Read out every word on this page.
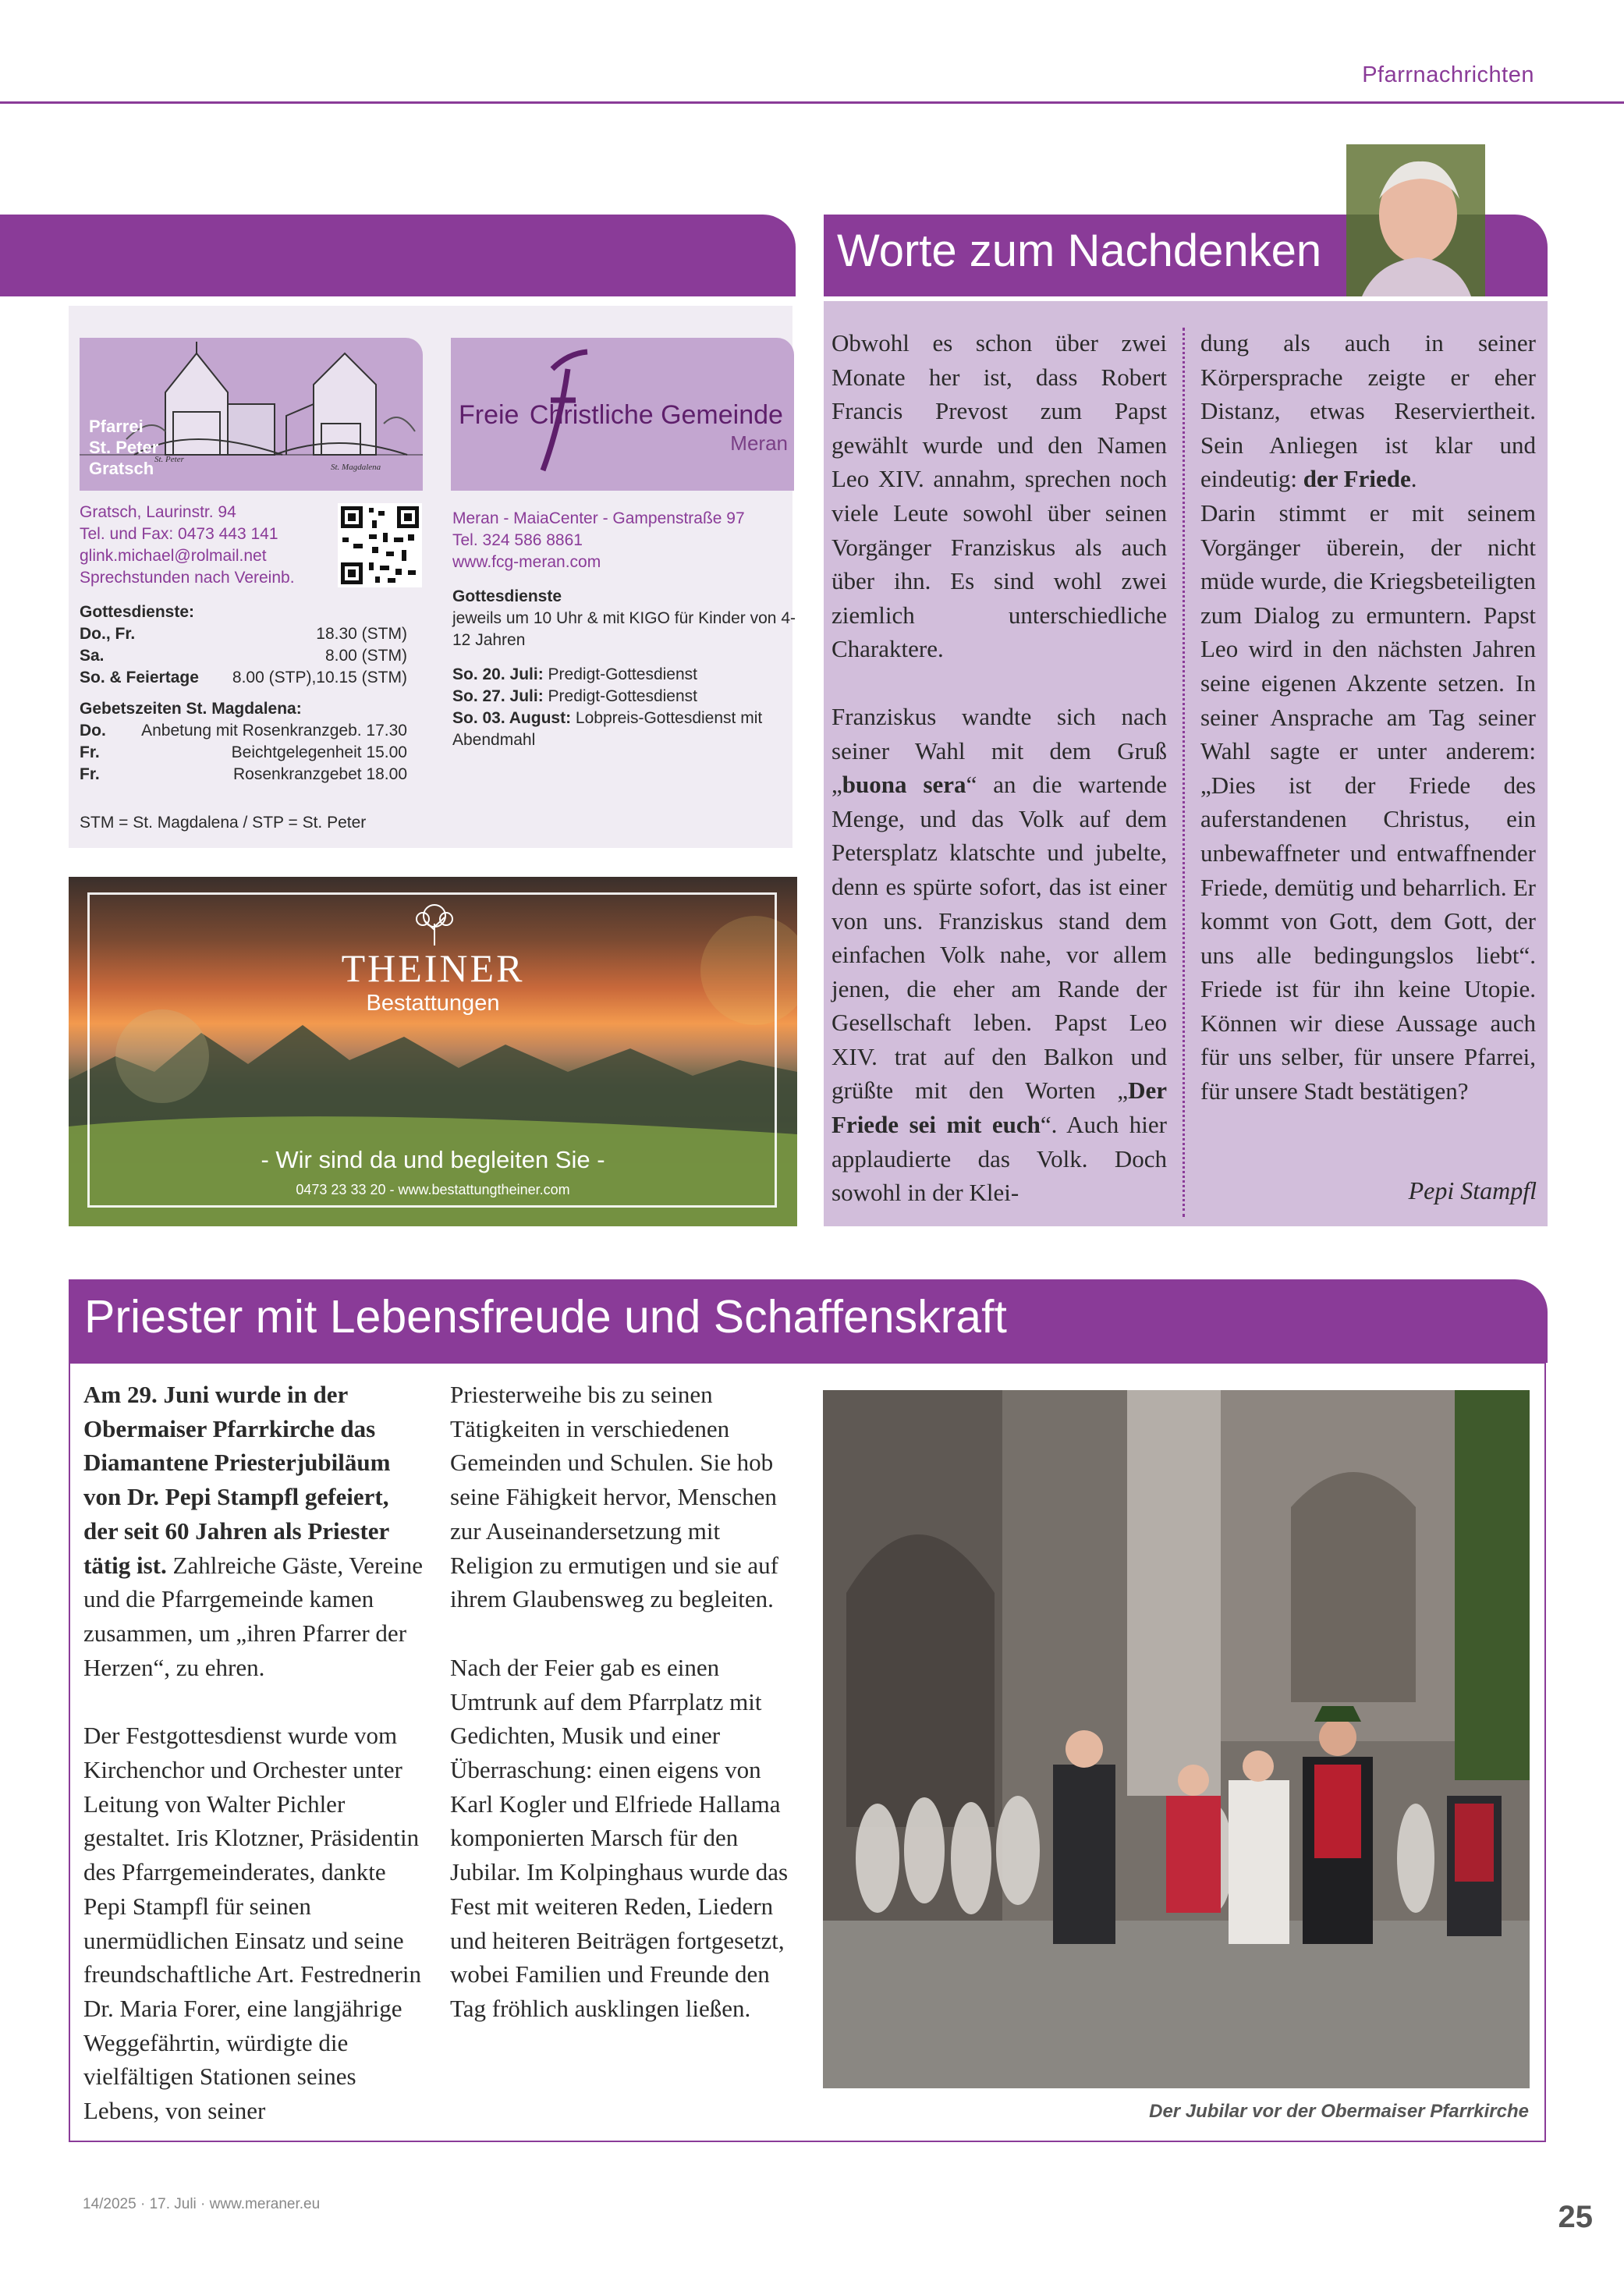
Pfarrnachrichten
St. Peter
St. Magdalena
Pfarrei
St. Peter
Gratsch
Freie Christliche Gemeinde
Meran
Gratsch, Laurinstr. 94
Tel. und Fax: 0473 443 141
glink.michael@rolmail.net
Sprechstunden nach Vereinb.
Gottesdienste:
Do., Fr.	18.30 (STM)
Sa.	8.00 (STM)
So. & Feiertage 8.00 (STP),10.15 (STM)
Gebetszeiten St. Magdalena:
Do. Anbetung mit Rosenkranzgeb. 17.30
Fr.	Beichtgelegenheit 15.00
Fr.	Rosenkranzgebet 18.00
STM = St. Magdalena / STP = St. Peter
Meran - MaiaCenter - Gampenstraße 97
Tel. 324 586 8861
www.fcg-meran.com
Gottesdienste
jeweils um 10 Uhr & mit KIGO für Kinder von 4-12 Jahren
So. 20. Juli: Predigt-Gottesdienst
So. 27. Juli: Predigt-Gottesdienst
So. 03. August: Lobpreis-Gottesdienst mit Abendmahl
THEINER
Bestattungen
- Wir sind da und begleiten Sie -
0473 23 33 20 - www.bestattungtheiner.com
Worte zum Nachdenken

Obwohl es schon über zwei Monate her ist, dass Robert Francis Prevost zum Papst gewählt wurde und den Namen Leo XIV. annahm, sprechen noch viele Leute sowohl über seinen Vorgänger Franziskus als auch über ihn. Es sind wohl zwei ziemlich unterschiedliche Charaktere.

Franziskus wandte sich nach seiner Wahl mit dem Gruß „buona sera“ an die wartende Menge, und das Volk auf dem Petersplatz klatschte und jubelte, denn es spürte sofort, das ist einer von uns. Franziskus stand dem einfachen Volk nahe, vor allem jenen, die eher am Rande der Gesellschaft leben. Papst Leo XIV. trat auf den Balkon und grüßte mit den Worten „Der Friede sei mit euch“. Auch hier applaudierte das Volk. Doch sowohl in der Klei-

dung als auch in seiner Körpersprache zeigte er eher Distanz, etwas Reserviertheit. Sein Anliegen ist klar und eindeutig: der Friede.

Darin stimmt er mit seinem Vorgänger überein, der nicht müde wurde, die Kriegsbeteiligten zum Dialog zu ermuntern. Papst Leo wird in den nächsten Jahren seine eigenen Akzente setzen. In seiner Ansprache am Tag seiner Wahl sagte er unter anderem: „Dies ist der Friede des auferstandenen Christus, ein unbewaffneter und entwaffnender Friede, demütig und beharrlich. Er kommt von Gott, dem Gott, der uns alle bedingungslos liebt“. Friede ist für ihn keine Utopie. Können wir diese Aussage auch für uns selber, für unsere Pfarrei, für unsere Stadt bestätigen?

Pepi Stampfl
Priester mit Lebensfreude und Schaffenskraft

Am 29. Juni wurde in der Obermaiser Pfarrkirche das Diamantene Priesterjubiläum von Dr. Pepi Stampfl gefeiert, der seit 60 Jahren als Priester tätig ist. Zahlreiche Gäste, Vereine und die Pfarrgemeinde kamen zusammen, um „ihren Pfarrer der Herzen“, zu ehren.

Der Festgottesdienst wurde vom Kirchenchor und Orchester unter Leitung von Walter Pichler gestaltet. Iris Klotzner, Präsidentin des Pfarrgemeinderates, dankte Pepi Stampfl für seinen unermüdlichen Einsatz und seine freundschaftliche Art. Festrednerin Dr. Maria Forer, eine langjährige Weggefährtin, würdigte die vielfältigen Stationen seines Lebens, von seiner

Priesterweihe bis zu seinen Tätigkeiten in verschiedenen Gemeinden und Schulen. Sie hob seine Fähigkeit hervor, Menschen zur Auseinandersetzung mit Religion zu ermutigen und sie auf ihrem Glaubensweg zu begleiten.

Nach der Feier gab es einen Umtrunk auf dem Pfarrplatz mit Gedichten, Musik und einer Überraschung: einen eigens von Karl Kogler und Elfriede Hallama komponierten Marsch für den Jubilar. Im Kolpinghaus wurde das Fest mit weiteren Reden, Liedern und heiteren Beiträgen fortgesetzt, wobei Familien und Freunde den Tag fröhlich ausklingen ließen.

Der Jubilar vor der Obermaiser Pfarrkirche
14/2025 · 17. Juli · www.meraner.eu	25
